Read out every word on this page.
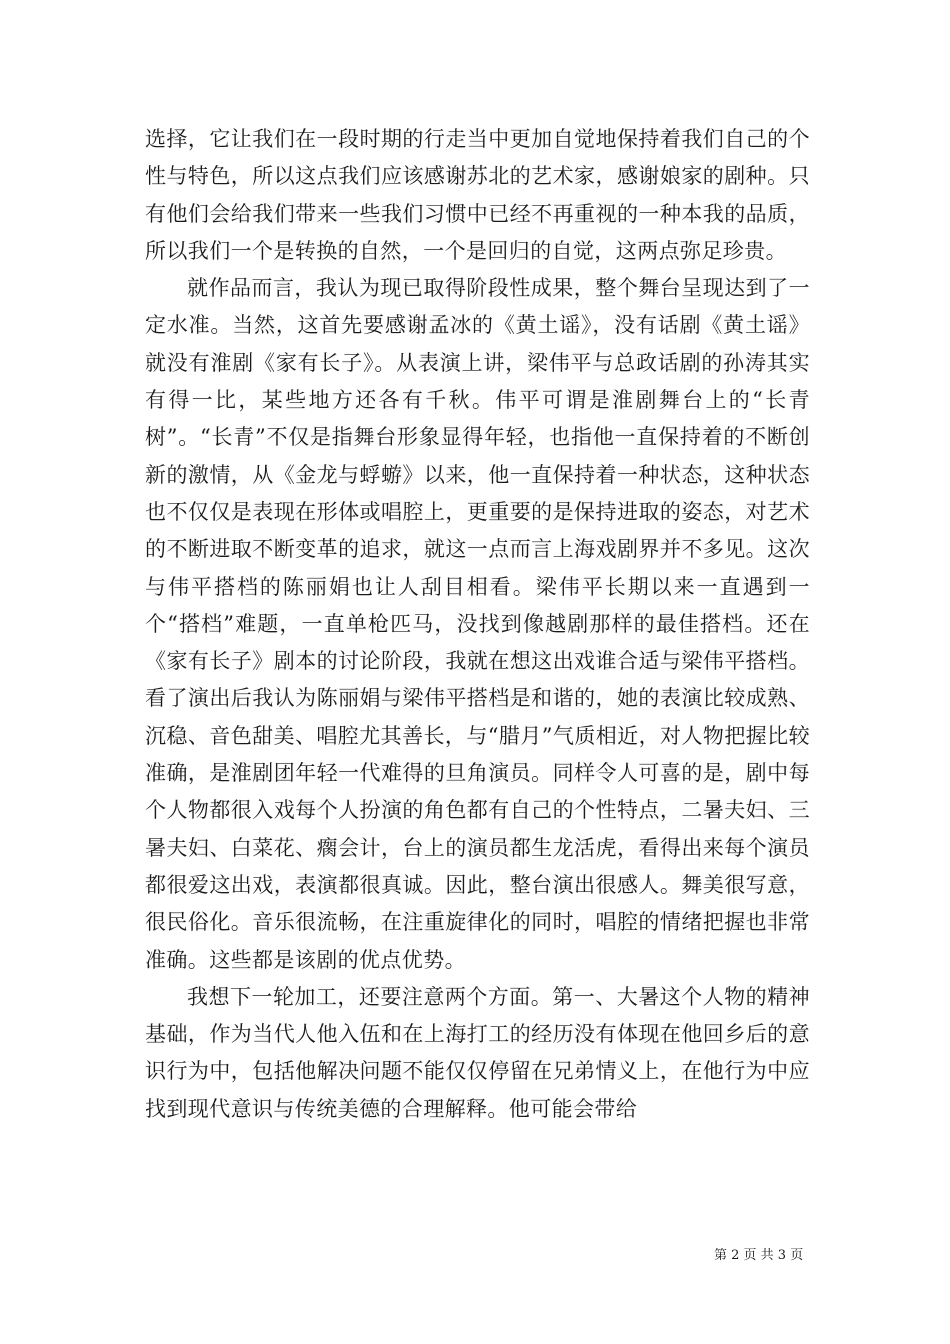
选择，它让我们在一段时期的行走当中更加自觉地保持着我们自己的个性与特色，所以这点我们应该感谢苏北的艺术家，感谢娘家的剧种。只有他们会给我们带来一些我们习惯中已经不再重视的一种本我的品质，所以我们一个是转换的自然，一个是回归的自觉，这两点弥足珍贵。

就作品而言，我认为现已取得阶段性成果，整个舞台呈现达到了一定水准。当然，这首先要感谢孟冰的《黄土谣》，没有话剧《黄土谣》就没有淮剧《家有长子》。从表演上讲，梁伟平与总政话剧的孙涛其实有得一比，某些地方还各有千秋。伟平可谓是淮剧舞台上的“长青树”。“长青”不仅是指舞台形象显得年轻，也指他一直保持着的不断创新的激情，从《金龙与蜉蝣》以来，他一直保持着一种状态，这种状态也不仅仅是表现在形体或唱腔上，更重要的是保持进取的姿态，对艺术的不断进取不断变革的追求，就这一点而言上海戏剧界并不多见。这次与伟平搭档的陈丽娟也让人刮目相看。梁伟平长期以来一直遇到一个“搭档”难题，一直单枪匹马，没找到像越剧那样的最佳搭档。还在《家有长子》剧本的讨论阶段，我就在想这出戏谁合适与梁伟平搭档。看了演出后我认为陈丽娟与梁伟平搭档是和谐的，她的表演比较成熟、沉稳、音色甜美、唱腔尤其善长，与“腊月”气质相近，对人物把握比较准确，是淮剧团年轻一代难得的旦角演员。同样令人可喜的是，剧中每个人物都很入戏每个人扮演的角色都有自己的个性特点，二暑夫妇、三暑夫妇、白菜花、瘸会计，台上的演员都生龙活虎，看得出来每个演员都很爱这出戏，表演都很真诚。因此，整台演出很感人。舞美很写意，很民俗化。音乐很流畅，在注重旋律化的同时，唱腔的情绪把握也非常准确。这些都是该剧的优点优势。

我想下一轮加工，还要注意两个方面。第一、大暑这个人物的精神基础，作为当代人他入伍和在上海打工的经历没有体现在他回乡后的意识行为中，包括他解决问题不能仅仅停留在兄弟情义上，在他行为中应找到现代意识与传统美德的合理解释。他可能会带给

第 2 页 共 3 页
